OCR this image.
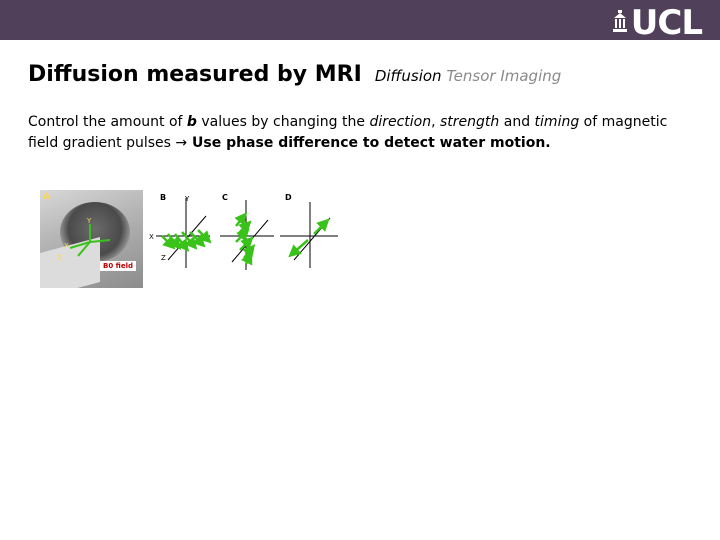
UCL
Diffusion measured by MRI Diffusion Tensor Imaging
Control the amount of b values by changing the direction, strength and timing of magnetic field gradient pulses → Use phase difference to detect water motion.
A
Y
X
Z
B0 field
B	C	D
Y
X
Z
